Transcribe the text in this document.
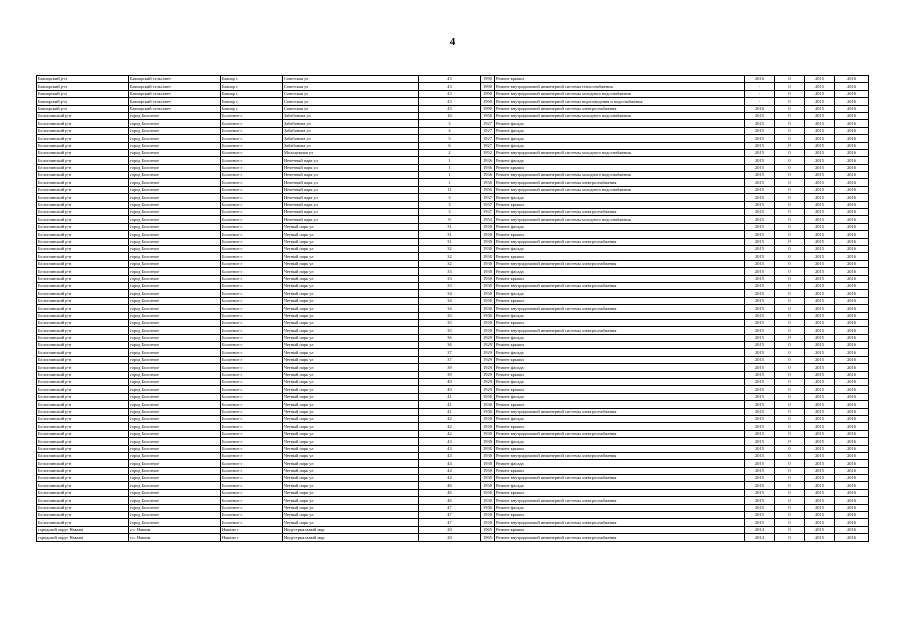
4
Бакчарский р-н	Бакчарский сельсовет	Бакчар с	Советская ул	43	1990	Ремонт крыши	2016	0	2015	2016
Бакчарский р-н	Бакчарский сельсовет	Бакчар с	Советская ул	43	1990	Ремонт внутридомовой инженерной системы теплоснабжения	-	0	2015	2016
Бакчарский р-н	Бакчарский сельсовет	Бакчар с	Советская ул	43	1990	Ремонт внутридомовой инженерной системы холодного водоснабжения	-	0	2015	2016
Бакчарский р-н	Бакчарский сельсовет	Бакчар с	Советская ул	43	1990	Ремонт внутридомовой инженерной системы водоотведения и водоснабжения	-	0	2015	2016
Бакчарский р-н	Бакчарский сельсовет	Бакчар с	Советская ул	43	1990	Ремонт внутридомовой инженерной системы электроснабжения	2016	0	2015	2016
Белоглинский р-н	город Болотное	Болотное г	Забабонова ул	16	1956	Ремонт внутридомовой инженерной системы холодного водоснабжения	2015	0	2015	2016
Белоглинский р-н	город Болотное	Болотное г	Забабонова ул	3	1927	Ремонт фасада	2015	0	2015	2016
Белоглинский р-н	город Болотное	Болотное г	Забабонова ул	4	1927	Ремонт фасада	2015	0	2015	2016
Белоглинский р-н	город Болотное	Болотное г	Забабонова ул	5	1927	Ремонт фасада	2015	0	2015	2016
Белоглинский р-н	город Болотное	Болотное г	Забабонова ул	6	1927	Ремонт фасада	2015	0	2015	2016
Белоглинский р-н	город Болотное	Болотное г	Молодежная ул	2	1952	Ремонт внутридомовой инженерной системы холодного водоснабжения	2015	0	2015	2016
Белоглинский р-н	город Болотное	Болотное г	Нечетный парк ул	1	1936	Ремонт фасада	2015	0	2015	2016
Белоглинский р-н	город Болотное	Болотное г	Нечетный парк ул	1	1936	Ремонт крыши	2015	0	2015	2016
Белоглинский р-н	город Болотное	Болотное г	Нечетный парк ул	1	1936	Ремонт внутридомовой инженерной системы холодного водоснабжения	2015	0	2015	2016
Белоглинский р-н	город Болотное	Болотное г	Нечетный парк ул	1	1936	Ремонт внутридомовой инженерной системы электроснабжения	2015	0	2015	2016
Белоглинский р-н	город Болотное	Болотное г	Нечетный парк ул	11	1956	Ремонт внутридомовой инженерной системы холодного водоснабжения	2015	0	2015	2016
Белоглинский р-н	город Болотное	Болотное г	Нечетный парк ул	3	1937	Ремонт фасада	2015	0	2015	2016
Белоглинский р-н	город Болотное	Болотное г	Нечетный парк ул	3	1937	Ремонт крыши	2015	0	2015	2016
Белоглинский р-н	город Болотное	Болотное г	Нечетный парк ул	3	1937	Ремонт внутридомовой инженерной системы электроснабжения	2015	0	2015	2016
Белоглинский р-н	город Болотное	Болотное г	Нечетный парк ул	8	1954	Ремонт внутридомовой инженерной системы холодного водоснабжения	2015	0	2015	2016
Белоглинский р-н	город Болотное	Болотное г	Четный парк ул	31	1930	Ремонт фасада	2015	0	2015	2016
Белоглинский р-н	город Болотное	Болотное г	Четный парк ул	31	1930	Ремонт крыши	2015	0	2015	2016
Белоглинский р-н	город Болотное	Болотное г	Четный парк ул	31	1930	Ремонт внутридомовой инженерной системы электроснабжения	2015	0	2015	2016
Белоглинский р-н	город Болотное	Болотное г	Четный парк ул	32	1930	Ремонт фасада	2015	0	2015	2016
Белоглинский р-н	город Болотное	Болотное г	Четный парк ул	32	1930	Ремонт крыши	2015	0	2015	2016
Белоглинский р-н	город Болотное	Болотное г	Четный парк ул	32	1930	Ремонт внутридомовой инженерной системы электроснабжения	2015	0	2015	2016
Белоглинский р-н	город Болотное	Болотное г	Четный парк ул	33	1930	Ремонт фасада	2015	0	2015	2016
Белоглинский р-н	город Болотное	Болотное г	Четный парк ул	33	1930	Ремонт крыши	2015	0	2015	2016
Белоглинский р-н	город Болотное	Болотное г	Четный парк ул	33	1930	Ремонт внутридомовой инженерной системы электроснабжения	2015	0	2015	2016
Белоглинский р-н	город Болотное	Болотное г	Четный парк ул	34	1930	Ремонт фасада	2015	0	2015	2016
Белоглинский р-н	город Болотное	Болотное г	Четный парк ул	34	1930	Ремонт крыши	2015	0	2015	2016
Белоглинский р-н	город Болотное	Болотное г	Четный парк ул	34	1930	Ремонт внутридомовой инженерной системы электроснабжения	2015	0	2015	2016
Белоглинский р-н	город Болотное	Болотное г	Четный парк ул	35	1930	Ремонт фасада	2015	0	2015	2016
Белоглинский р-н	город Болотное	Болотное г	Четный парк ул	35	1930	Ремонт крыши	2015	0	2015	2016
Белоглинский р-н	город Болотное	Болотное г	Четный парк ул	35	1930	Ремонт внутридомовой инженерной системы электроснабжения	2015	0	2015	2016
Белоглинский р-н	город Болотное	Болотное г	Четный парк ул	36	1929	Ремонт фасада	2015	0	2015	2016
Белоглинский р-н	город Болотное	Болотное г	Четный парк ул	36	1929	Ремонт крыши	2015	0	2015	2016
Белоглинский р-н	город Болотное	Болотное г	Четный парк ул	37	1929	Ремонт фасада	2015	0	2015	2016
Белоглинский р-н	город Болотное	Болотное г	Четный парк ул	37	1929	Ремонт крыши	2015	0	2015	2016
Белоглинский р-н	город Болотное	Болотное г	Четный парк ул	39	1929	Ремонт фасада	2015	0	2015	2016
Белоглинский р-н	город Болотное	Болотное г	Четный парк ул	39	1929	Ремонт крыши	2015	0	2015	2016
Белоглинский р-н	город Болотное	Болотное г	Четный парк ул	40	1929	Ремонт фасада	2015	0	2015	2016
Белоглинский р-н	город Болотное	Болотное г	Четный парк ул	40	1929	Ремонт крыши	2015	0	2015	2016
Белоглинский р-н	город Болотное	Болотное г	Четный парк ул	41	1930	Ремонт фасада	2015	0	2015	2016
Белоглинский р-н	город Болотное	Болотное г	Четный парк ул	41	1930	Ремонт крыши	2015	0	2015	2016
Белоглинский р-н	город Болотное	Болотное г	Четный парк ул	41	1930	Ремонт внутридомовой инженерной системы электроснабжения	2015	0	2015	2016
Белоглинский р-н	город Болотное	Болотное г	Четный парк ул	42	1930	Ремонт фасада	2015	0	2015	2016
Белоглинский р-н	город Болотное	Болотное г	Четный парк ул	42	1930	Ремонт крыши	2015	0	2015	2016
Белоглинский р-н	город Болотное	Болотное г	Четный парк ул	42	1930	Ремонт внутридомовой инженерной системы электроснабжения	2015	0	2015	2016
Белоглинский р-н	город Болотное	Болотное г	Четный парк ул	43	1930	Ремонт фасада	2015	0	2015	2016
Белоглинский р-н	город Болотное	Болотное г	Четный парк ул	43	1930	Ремонт крыши	2015	0	2015	2016
Белоглинский р-н	город Болотное	Болотное г	Четный парк ул	43	1930	Ремонт внутридомовой инженерной системы электроснабжения	2015	0	2015	2016
Белоглинский р-н	город Болотное	Болотное г	Четный парк ул	44	1930	Ремонт фасада	2015	0	2015	2016
Белоглинский р-н	город Болотное	Болотное г	Четный парк ул	44	1930	Ремонт крыши	2015	0	2015	2016
Белоглинский р-н	город Болотное	Болотное г	Четный парк ул	44	1930	Ремонт внутридомовой инженерной системы электроснабжения	2015	0	2015	2016
Белоглинский р-н	город Болотное	Болотное г	Четный парк ул	46	1930	Ремонт фасада	2015	0	2015	2016
Белоглинский р-н	город Болотное	Болотное г	Четный парк ул	46	1930	Ремонт крыши	2015	0	2015	2016
Белоглинский р-н	город Болотное	Болотное г	Четный парк ул	46	1930	Ремонт внутридомовой инженерной системы электроснабжения	2015	0	2015	2016
Белоглинский р-н	город Болотное	Болотное г	Четный парк ул	47	1930	Ремонт фасада	2015	0	2015	2016
Белоглинский р-н	город Болотное	Болотное г	Четный парк ул	47	1930	Ремонт крыши	2015	0	2015	2016
Белоглинский р-н	город Болотное	Болотное г	Четный парк ул	47	1930	Ремонт внутридомовой инженерной системы электроснабжения	2015	0	2015	2016
городской округ Наказм	г.о. Наказм	Наказм г	Индустриальный мкр	20	1965	Ремонт крыши	2014	0	2015	2016
городской округ Наказм	г.о. Наказм	Наказм г	Индустриальный мкр	20	1965	Ремонт внутридомовой инженерной системы электроснабжения	2014	0	2015	2016
